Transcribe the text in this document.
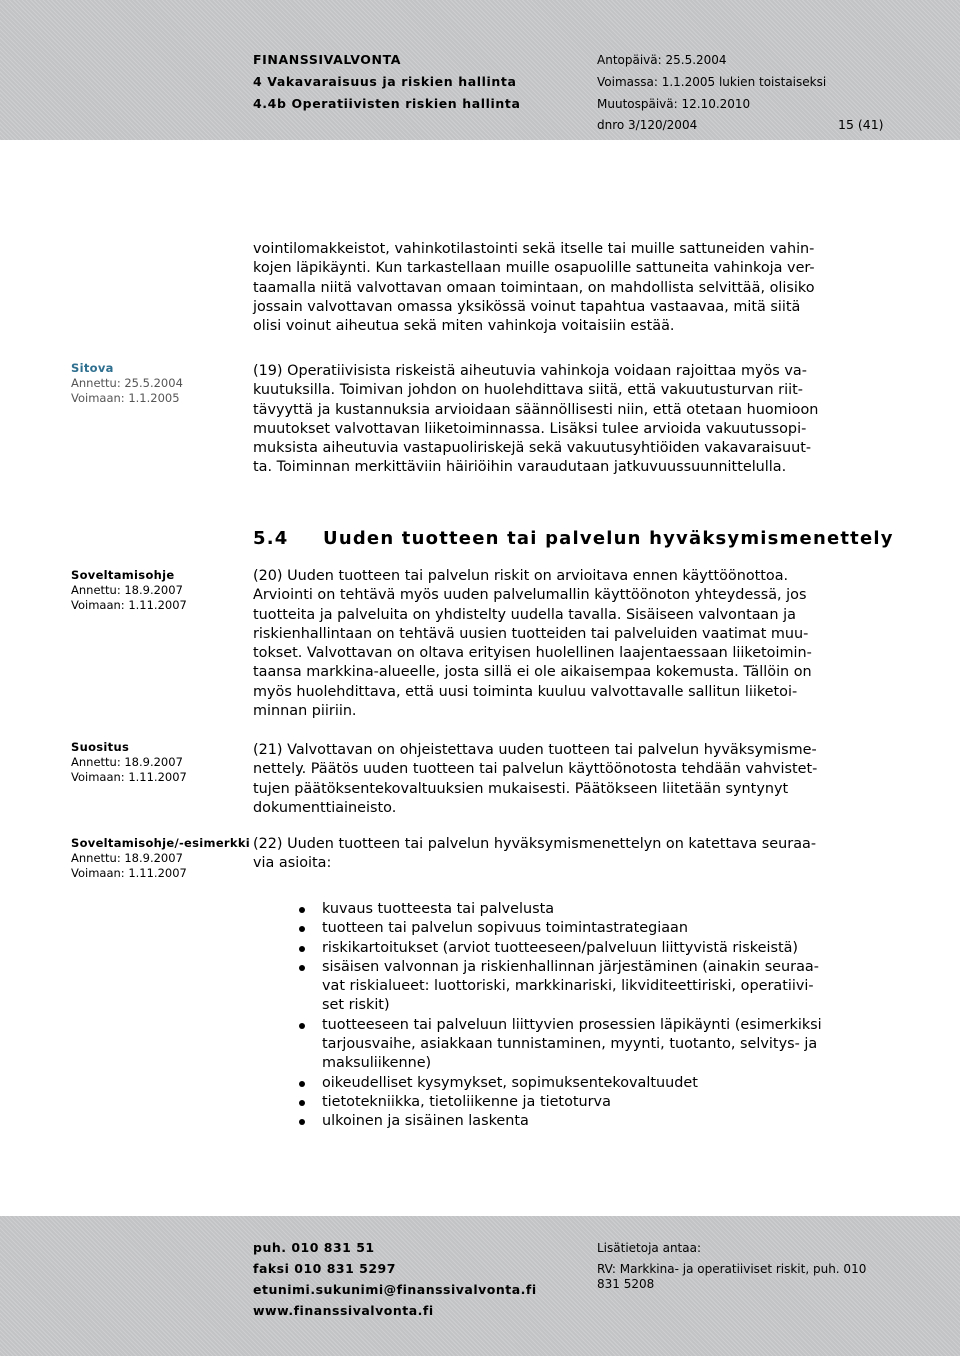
FINANSSIVALVONTA
4 Vakavaraisuus ja riskien hallinta
4.4b Operatiivisten riskien hallinta
Antopäivä: 25.5.2004
Voimassa: 1.1.2005 lukien toistaiseksi
Muutospäivä: 12.10.2010
dnro 3/120/2004	15 (41)
vointilomakkeistot, vahinkotilastointi sekä itselle tai muille sattuneiden vahin-
kojen läpikäynti. Kun tarkastellaan muille osapuolille sattuneita vahinkoja ver-
taamalla niitä valvottavan omaan toimintaan, on mahdollista selvittää, olisiko
jossain valvottavan omassa yksikössä voinut tapahtua vastaavaa, mitä siitä
olisi voinut aiheutua sekä miten vahinkoja voitaisiin estää.
Sitova
Annettu: 25.5.2004
Voimaan: 1.1.2005
(19) Operatiivisista riskeistä aiheutuvia vahinkoja voidaan rajoittaa myös va-
kuutuksilla. Toimivan johdon on huolehdittava siitä, että vakuutusturvan riit-
tävyyttä ja kustannuksia arvioidaan säännöllisesti niin, että otetaan huomioon
muutokset valvottavan liiketoiminnassa. Lisäksi tulee arvioida vakuutussopi-
muksista aiheutuvia vastapuoliriskejä sekä vakuutusyhtiöiden vakavaraisuut-
ta. Toiminnan merkittäviin häiriöihin varaudutaan jatkuvuussuunnittelulla.
5.4 Uuden tuotteen tai palvelun hyväksymismenettely
Soveltamisohje
Annettu: 18.9.2007
Voimaan: 1.11.2007
(20) Uuden tuotteen tai palvelun riskit on arvioitava ennen käyttöönottoa.
Arviointi on tehtävä myös uuden palvelumallin käyttöönoton yhteydessä, jos
tuotteita ja palveluita on yhdistelty uudella tavalla. Sisäiseen valvontaan ja
riskienhallintaan on tehtävä uusien tuotteiden tai palveluiden vaatimat muu-
tokset. Valvottavan on oltava erityisen huolellinen laajentaessaan liiketoimin-
taansa markkina-alueelle, josta sillä ei ole aikaisempaa kokemusta. Tällöin on
myös huolehdittava, että uusi toiminta kuuluu valvottavalle sallitun liiketoi-
minnan piiriin.
Suositus
Annettu: 18.9.2007
Voimaan: 1.11.2007
(21) Valvottavan on ohjeistettava uuden tuotteen tai palvelun hyväksymisme-
nettely. Päätös uuden tuotteen tai palvelun käyttöönotosta tehdään vahvistet-
tujen päätöksentekovaltuuksien mukaisesti. Päätökseen liitetään syntynyt
dokumenttiaineisto.
Soveltamisohje/-esimerkki
Annettu: 18.9.2007
Voimaan: 1.11.2007
(22) Uuden tuotteen tai palvelun hyväksymismenettelyn on katettava seuraa-
via asioita:
kuvaus tuotteesta tai palvelusta
tuotteen tai palvelun sopivuus toimintastrategiaan
riskikartoitukset (arviot tuotteeseen/palveluun liittyvistä riskeistä)
sisäisen valvonnan ja riskienhallinnan järjestäminen (ainakin seuraa-
vat riskialueet: luottoriski, markkinariski, likviditeettiriski, operatiivi-
set riskit)
tuotteeseen tai palveluun liittyvien prosessien läpikäynti (esimerkiksi
tarjousvaihe, asiakkaan tunnistaminen, myynti, tuotanto, selvitys- ja
maksuliikenne)
oikeudelliset kysymykset, sopimuksentekovaltuudet
tietotekniikka, tietoliikenne ja tietoturva
ulkoinen ja sisäinen laskenta
puh. 010 831 51
faksi 010 831 5297
etunimi.sukunimi@finanssivalvonta.fi
www.finanssivalvonta.fi
Lisätietoja antaa:
RV: Markkina- ja operatiiviset riskit, puh. 010
831 5208
